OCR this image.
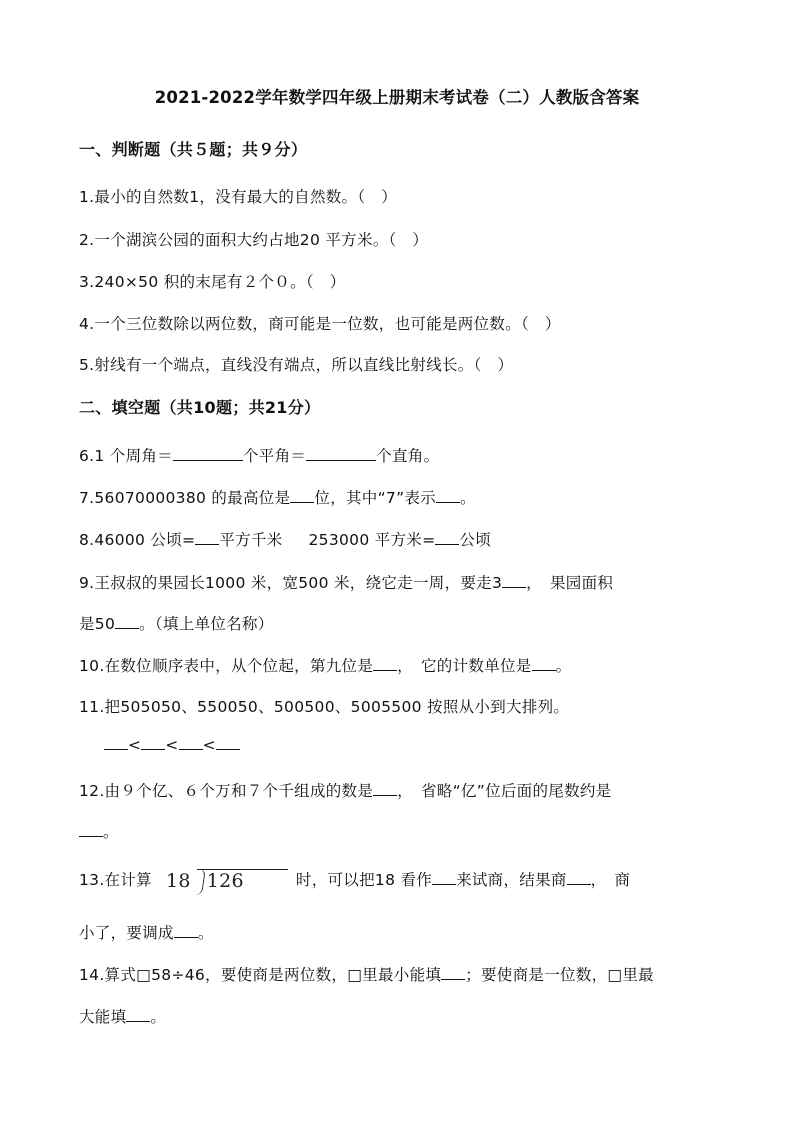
2021-2022学年数学四年级上册期末考试卷（二）人教版含答案
一、判断题（共５题；共９分）
1.最小的自然数1，没有最大的自然数。（　）
2.一个湖滨公园的面积大约占地20 平方米。（　）
3.240×50 积的末尾有２个０。（　）
4.一个三位数除以两位数，商可能是一位数，也可能是两位数。（　）
5.射线有一个端点，直线没有端点，所以直线比射线长。（　）
二、填空题（共10题；共21分）
6.1 个周角＝	个平角＝	个直角。
7.56070000380 的最高位是 位，其中“7”表示 。
8.46000 公顷= 平方千米 253000 平方米= 公顷
9.王叔叔的果园长1000 米，宽500 米，绕它走一周，要走3 ，　果园面积
是50 。（填上单位名称）
10.在数位顺序表中，从个位起，第九位是 ，　它的计数单位是 。
11.把505050、550050、500500、5005500 按照从小到大排列。
< < <
12.由９个亿、６个万和７个千组成的数是 ，　省略“亿”位后面的尾数约是
。
13.在计算 18 126	时，可以把18 看作 来试商，结果商 ，　商
小了，要调成 。
14.算式□58÷46，要使商是两位数，□里最小能填 ；要使商是一位数，□里最
大能填 。
